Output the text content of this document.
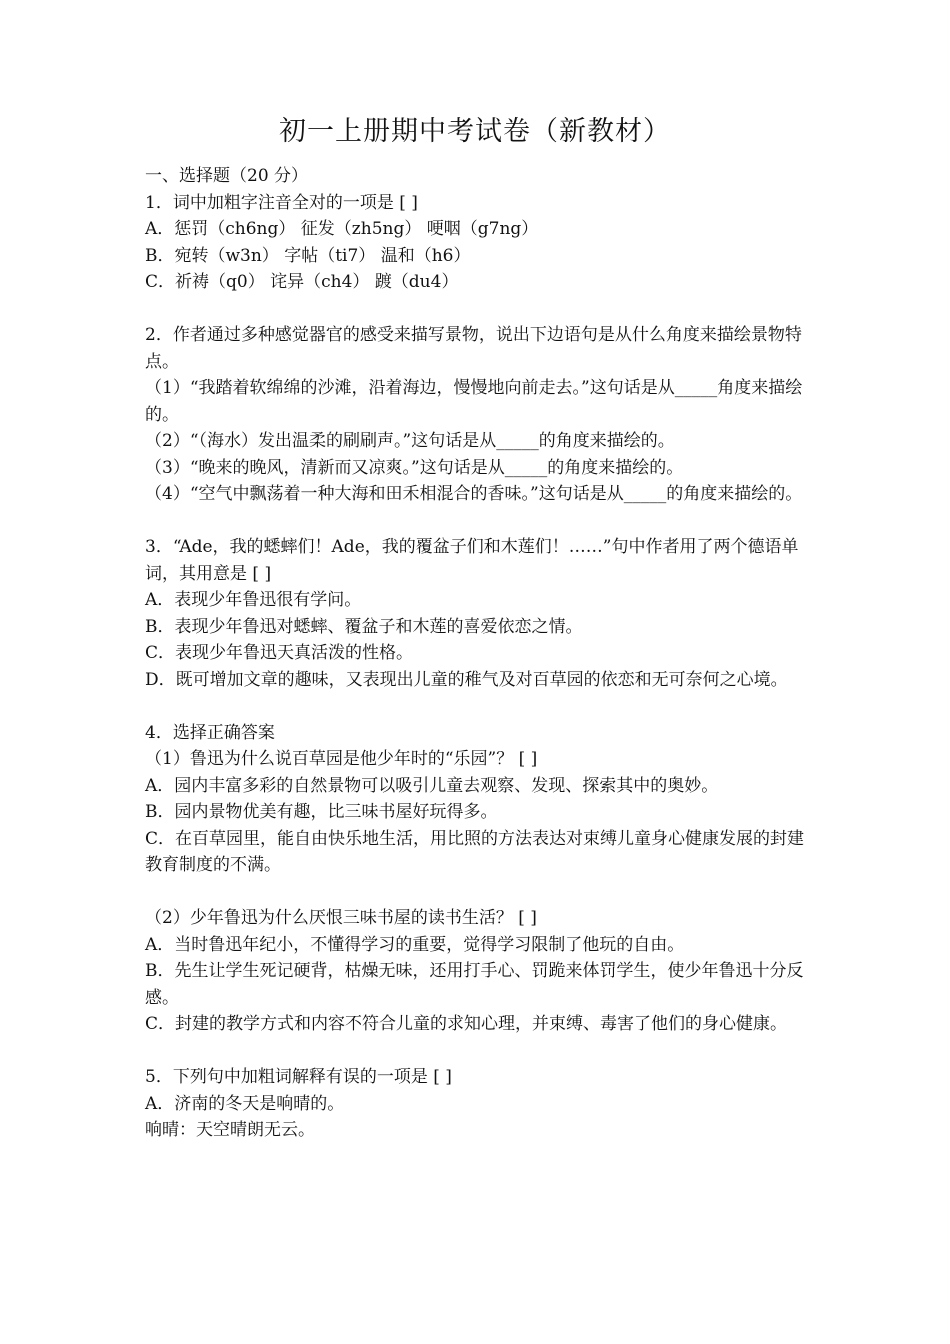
初一上册期中考试卷（新教材）

一、选择题（20 分）

1．词中加粗字注音全对的一项是 [ ]

A．惩罚（ch6ng） 征发（zh5ng） 哽咽（g7ng）

B．宛转（w3n） 字帖（ti7） 温和（h6）

C．祈祷（q0） 诧异（ch4） 踱（du4）

2．作者通过多种感觉器官的感受来描写景物，说出下边语句是从什么角度来描绘景物特点。

（1）“我踏着软绵绵的沙滩，沿着海边，慢慢地向前走去。”这句话是从_____角度来描绘的。

（2）“（海水）发出温柔的刷刷声。”这句话是从_____的角度来描绘的。

（3）“晚来的晚风，清新而又凉爽。”这句话是从_____的角度来描绘的。

（4）“空气中飘荡着一种大海和田禾相混合的香味。”这句话是从_____的角度来描绘的。

3．“Ade，我的蟋蟀们！Ade，我的覆盆子们和木莲们！……”句中作者用了两个德语单词，其用意是 [ ]

A．表现少年鲁迅很有学问。

B．表现少年鲁迅对蟋蟀、覆盆子和木莲的喜爱依恋之情。

C．表现少年鲁迅天真活泼的性格。

D．既可增加文章的趣味，又表现出儿童的稚气及对百草园的依恋和无可奈何之心境。

4．选择正确答案

（1）鲁迅为什么说百草园是他少年时的“乐园”？ [ ]

A．园内丰富多彩的自然景物可以吸引儿童去观察、发现、探索其中的奥妙。

B．园内景物优美有趣，比三味书屋好玩得多。

C．在百草园里，能自由快乐地生活，用比照的方法表达对束缚儿童身心健康发展的封建教育制度的不满。

（2）少年鲁迅为什么厌恨三味书屋的读书生活？ [ ]

A．当时鲁迅年纪小，不懂得学习的重要，觉得学习限制了他玩的自由。

B．先生让学生死记硬背，枯燥无味，还用打手心、罚跪来体罚学生，使少年鲁迅十分反感。

C．封建的教学方式和内容不符合儿童的求知心理，并束缚、毒害了他们的身心健康。

5．下列句中加粗词解释有误的一项是 [ ]

A．济南的冬天是响晴的。

响晴：天空晴朗无云。
